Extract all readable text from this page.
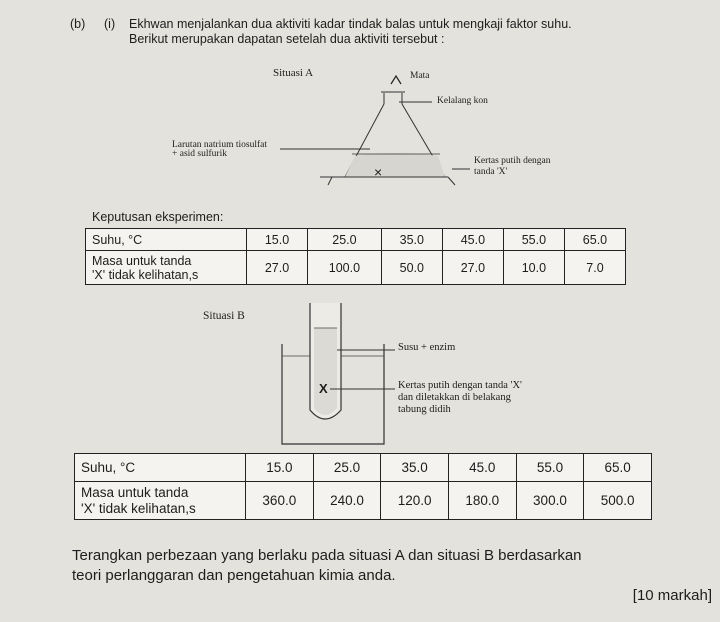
(b) (i) Ekhwan menjalankan dua aktiviti kadar tindak balas untuk mengkaji faktor suhu.
Berikut merupakan dapatan setelah dua aktiviti tersebut :
Situasi A	Mata
Kelalang kon
Larutan natrium tiosulfat
+ asid sulfurik
Kertas putih dengan
tanda 'X'
×
Keputusan eksperimen:
Suhu, °C	15.0	25.0	35.0	45.0	55.0	65.0

Masa untuk tanda
'X' tidak kelihatan,s	27.0	100.0	50.0	27.0	10.0	7.0
Situasi B
Susu + enzim
Kertas putih dengan tanda 'X'
dan diletakkan di belakang
tabung didih
X
Suhu, °C	15.0	25.0	35.0	45.0	55.0	65.0

Masa untuk tanda
'X' tidak kelihatan,s	360.0	240.0	120.0	180.0	300.0	500.0
Terangkan perbezaan yang berlaku pada situasi A dan situasi B berdasarkan
teori perlanggaran dan pengetahuan kimia anda.
[10 markah]
